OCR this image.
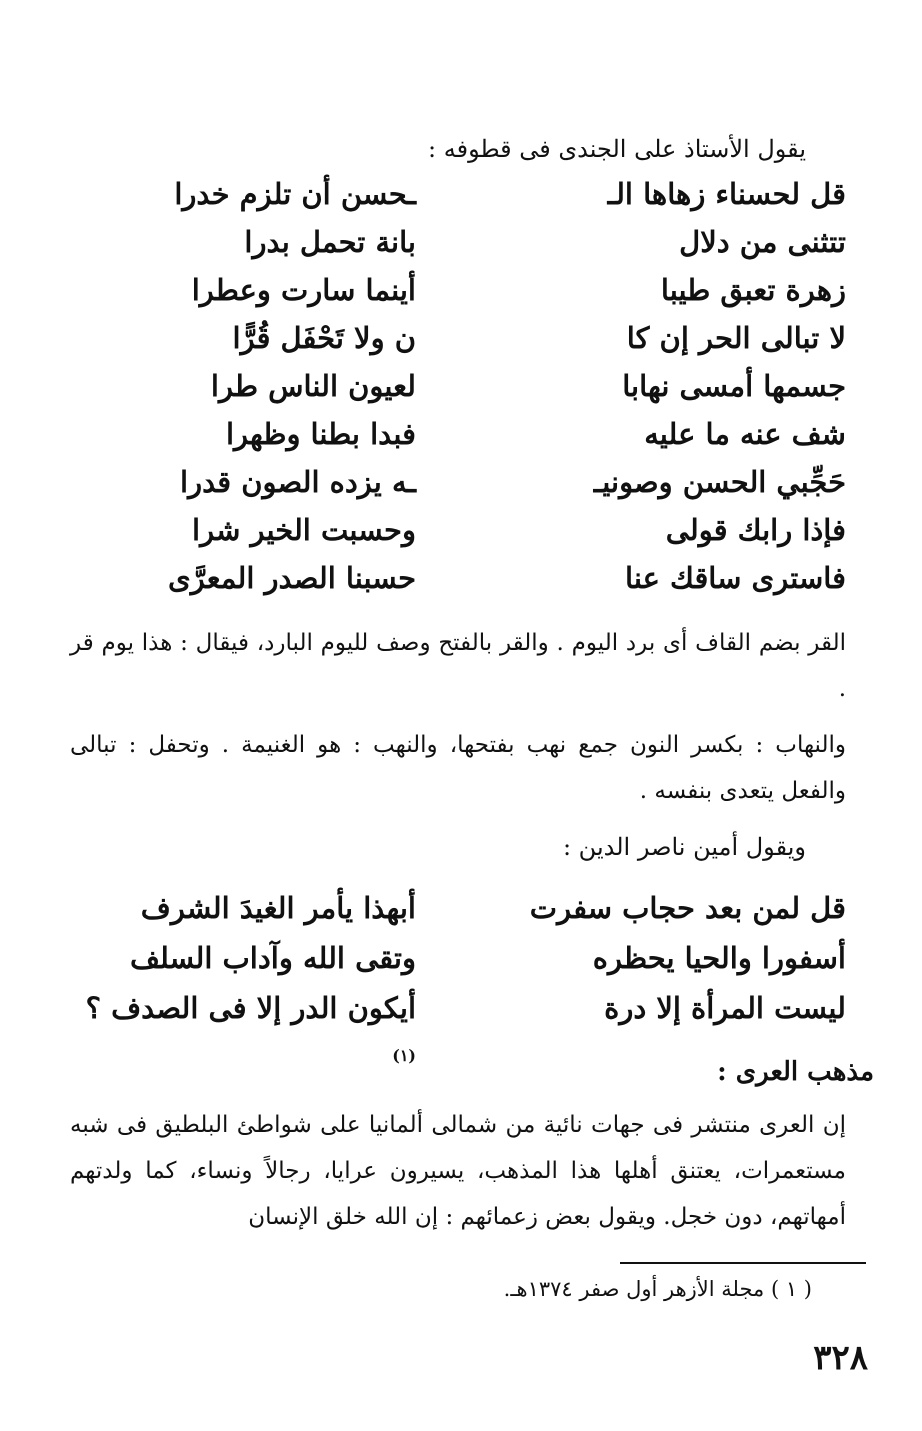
يقول الأستاذ على الجندى فى قطوفه :
قل لحسناء زهاها الـ
ـحسن أن تلزم خدرا
تتثنى من دلال
بانة تحمل بدرا
زهرة تعبق طيبا
أينما سارت وعطرا
لا تبالى الحر إن كا
ن ولا تَحْفَل قُرًّا
جسمها أمسى نهابا
لعيون الناس طرا
شف عنه ما عليه
فبدا بطنا وظهرا
حَجِّبي الحسن وصونيـ
ـه يزده الصون قدرا
فإذا رابك قولى
وحسبت الخير شرا
فاسترى ساقك عنا
حسبنا الصدر المعرَّى
القر بضم القاف أى برد اليوم . والقر بالفتح وصف لليوم البارد، فيقال : هذا يوم قر .
والنهاب : بكسر النون جمع نهب بفتحها، والنهب : هو الغنيمة . وتحفل : تبالى والفعل يتعدى بنفسه .
ويقول أمين ناصر الدين :
قل لمن بعد حجاب سفرت
أبهذا يأمر الغيدَ الشرف
أسفورا والحيا يحظره
وتقى الله وآداب السلف
ليست المرأة إلا درة
أيكون الدر إلا فى الصدف ؟$^{(١)}$
مذهب العرى :
إن العرى منتشر فى جهات نائية من شمالى ألمانيا على شواطئ البلطيق فى شبه مستعمرات، يعتنق أهلها هذا المذهب، يسيرون عرايا، رجالاً ونساء، كما ولدتهم أمهاتهم، دون خجل. ويقول بعض زعمائهم : إن الله خلق الإنسان
( ١ ) مجلة الأزهر أول صفر ١٣٧٤هـ.
٣٢٨
